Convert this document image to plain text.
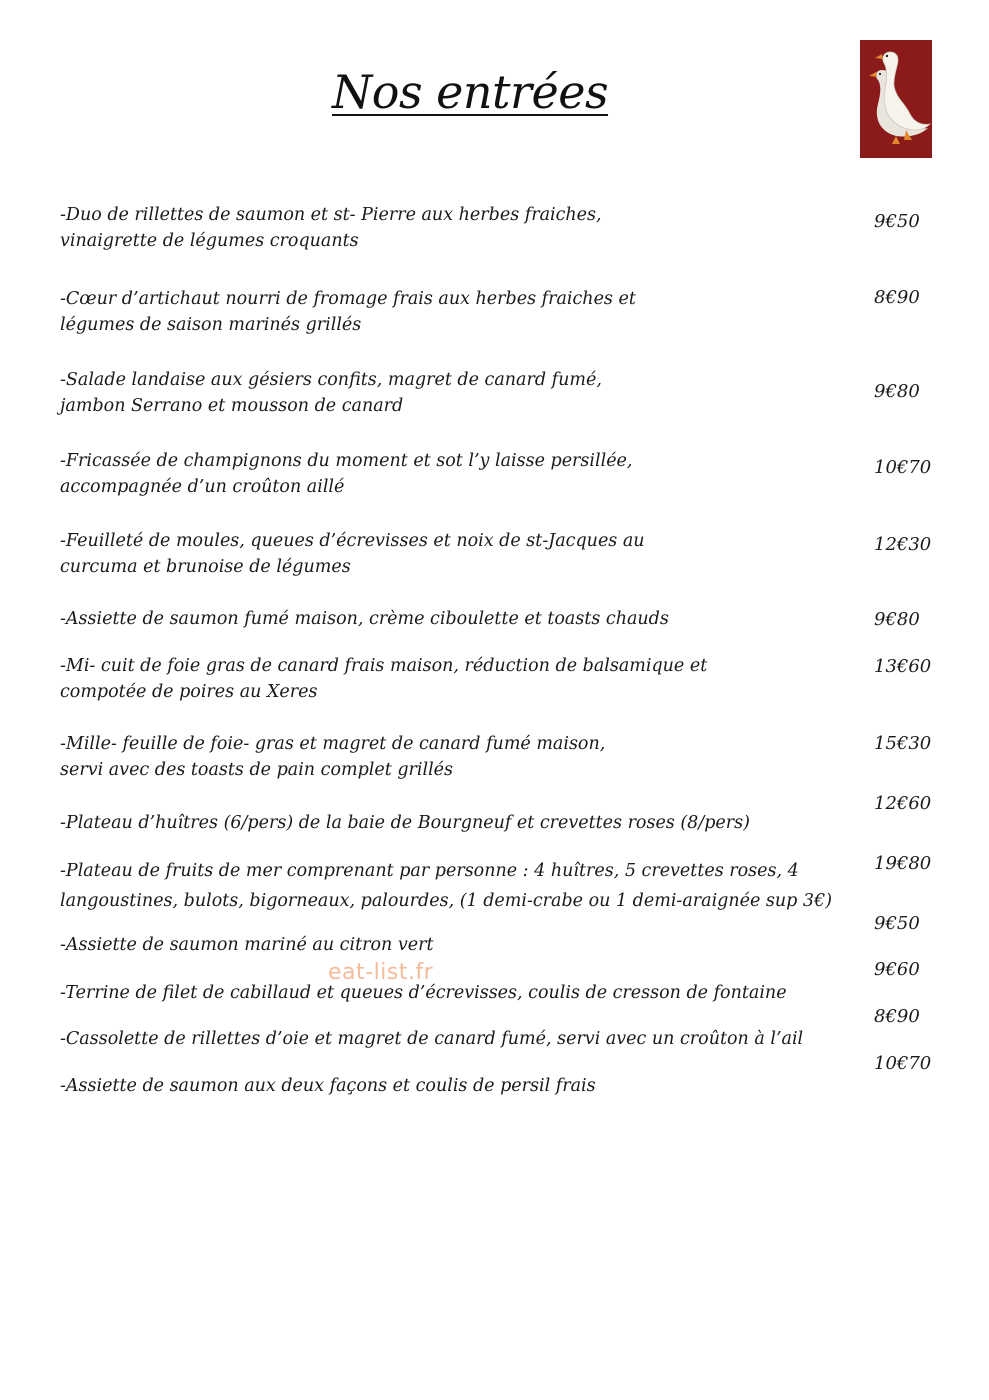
Nos entrées
-Duo de rillettes de saumon et st- Pierre aux herbes fraiches,
vinaigrette de légumes croquants
9€50
-Cœur d’artichaut nourri de fromage frais aux herbes fraiches et
légumes de saison marinés grillés
8€90
-Salade landaise aux gésiers confits, magret de canard fumé,
jambon Serrano et mousson de canard
9€80
-Fricassée de champignons du moment et sot l’y laisse persillée,
accompagnée d’un croûton aillé
10€70
-Feuilleté de moules, queues d’écrevisses et noix de st-Jacques au
curcuma et brunoise de légumes
12€30
-Assiette de saumon fumé maison, crème ciboulette et toasts chauds	9€80
-Mi- cuit de foie gras de canard frais maison, réduction de balsamique et
compotée de poires au Xeres
13€60
-Mille- feuille de foie- gras et magret de canard fumé maison,
servi avec des toasts de pain complet grillés
15€30
-Plateau d’huîtres (6/pers) de la baie de Bourgneuf et crevettes roses (8/pers)
12€60
-Plateau de fruits de mer comprenant par personne : 4 huîtres, 5 crevettes roses, 4
langoustines, bulots, bigorneaux, palourdes, (1 demi-crabe ou 1 demi-araignée sup 3€)
19€80
-Assiette de saumon mariné au citron vert
9€50
-Terrine de filet de cabillaud et queues d’écrevisses, coulis de cresson de fontaine
9€60
-Cassolette de rillettes d’oie et magret de canard fumé, servi avec un croûton à l’ail
8€90
-Assiette de saumon aux deux façons et coulis de persil frais
10€70
eat-list.fr
